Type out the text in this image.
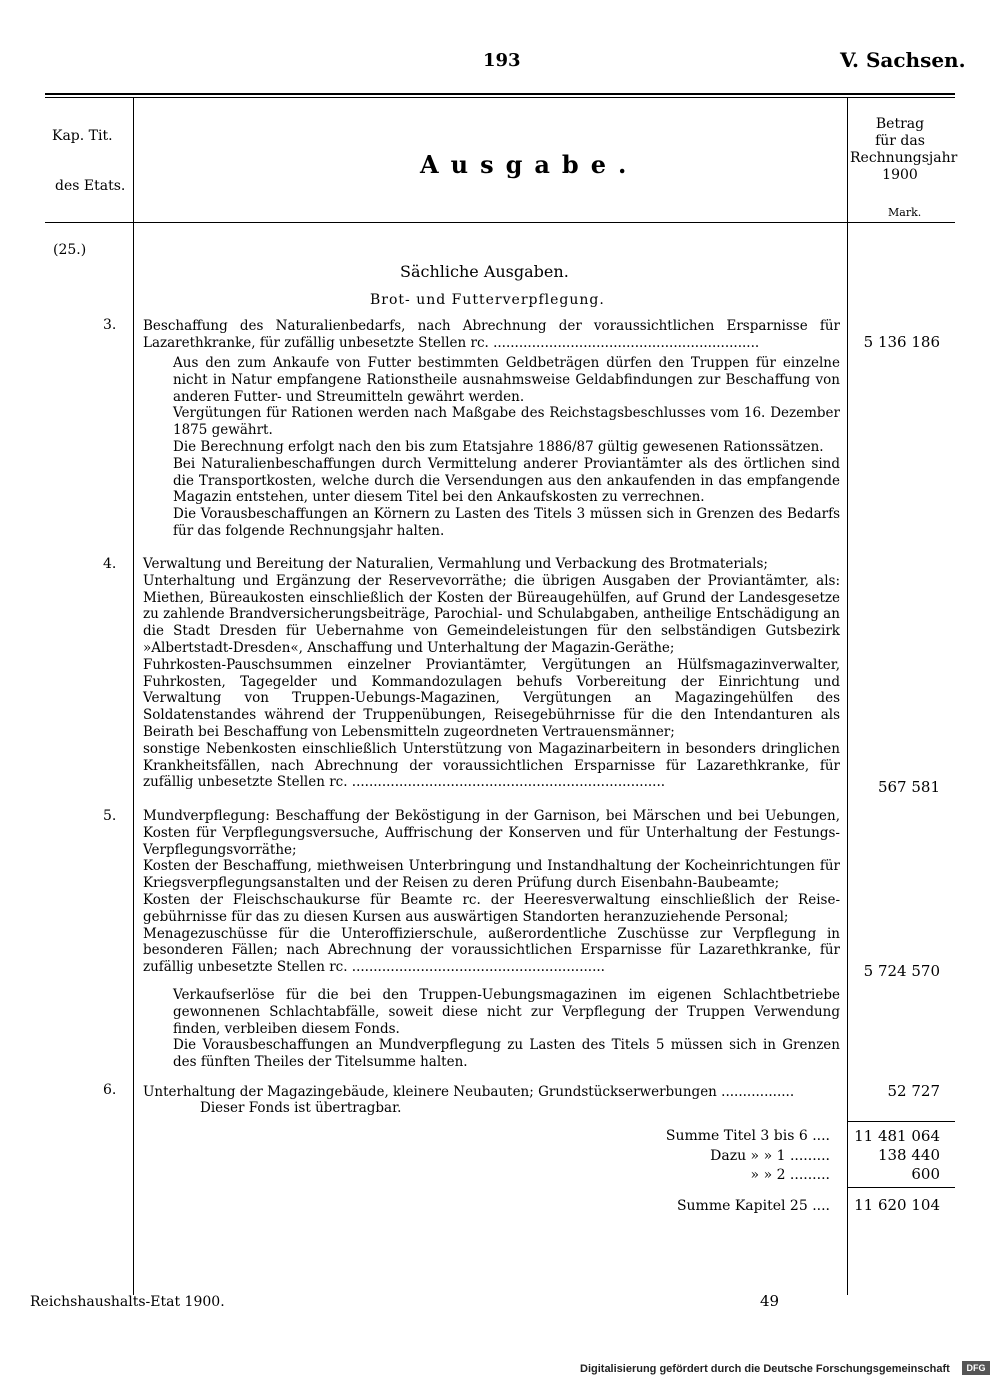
193	V. Sachsen.
Kap. Tit.
des Etats.
Ausgabe.
Betrag
für das
Rechnungsjahr
1900
Mark.
(25.)
Sächliche Ausgaben.
Brot- und Futterverpflegung.
3. Beschaffung des Naturalienbedarfs, nach Abrechnung der voraussichtlichen Ersparnisse für Lazarethkranke, für zufällig unbesetzte Stellen rc. ..............................................................	5 136 186
Aus den zum Ankaufe von Futter bestimmten Geldbeträgen dürfen den Truppen für einzelne nicht in Natur empfangene Rationstheile ausnahmsweise Geldabfindungen zur Beschaffung von anderen Futter- und Streumitteln gewährt werden.
Vergütungen für Rationen werden nach Maßgabe des Reichstagsbeschlusses vom 16. Dezember 1875 gewährt.
Die Berechnung erfolgt nach den bis zum Etatsjahre 1886/87 gültig gewesenen Rationssätzen.
Bei Naturalienbeschaffungen durch Vermittelung anderer Proviantämter als des örtlichen sind die Transportkosten, welche durch die Versendungen aus den ankaufenden in das empfangende Magazin entstehen, unter diesem Titel bei den Ankaufskosten zu verrechnen.
Die Vorausbeschaffungen an Körnern zu Lasten des Titels 3 müssen sich in Grenzen des Bedarfs für das folgende Rechnungsjahr halten.
4. Verwaltung und Bereitung der Naturalien, Vermahlung und Verbackung des Brotmaterials;
Unterhaltung und Ergänzung der Reservevorräthe; die übrigen Ausgaben der Proviantämter, als: Miethen, Büreaukosten einschließlich der Kosten der Büreaugehülfen, auf Grund der Landesgesetze zu zahlende Brandversicherungsbeiträge, Parochial- und Schulabgaben, antheilige Entschädigung an die Stadt Dresden für Uebernahme von Gemeindeleistungen für den selbständigen Gutsbezirk »Albertstadt-Dresden«, Anschaffung und Unterhaltung der Magazin-Geräthe;
Fuhrkosten-Pauschsummen einzelner Proviantämter, Vergütungen an Hülfsmagazinverwalter, Fuhrkosten, Tagegelder und Kommandozulagen behufs Vorbereitung der Einrichtung und Verwaltung von Truppen-Uebungs-Magazinen, Vergütungen an Magazingehülfen des Soldatenstandes während der Truppenübungen, Reisegebührnisse für die den Intendanturen als Beirath bei Beschaffung von Lebensmitteln zugeordneten Vertrauensmänner;
sonstige Nebenkosten einschließlich Unterstützung von Magazinarbeitern in besonders dringlichen Krankheitsfällen, nach Abrechnung der voraussichtlichen Ersparnisse für Lazarethkranke, für zufällig unbesetzte Stellen rc. .........................................................................	567 581
5. Mundverpflegung: Beschaffung der Beköstigung in der Garnison, bei Märschen und bei Uebungen, Kosten für Verpflegungsversuche, Auffrischung der Konserven und für Unterhaltung der Festungs-Verpflegungsvorräthe;
Kosten der Beschaffung, miethweisen Unterbringung und Instandhaltung der Kocheinrichtungen für Kriegsverpflegungsanstalten und der Reisen zu deren Prüfung durch Eisenbahn-Baubeamte;
Kosten der Fleischschaukurse für Beamte rc. der Heeresverwaltung einschließlich der Reisegebührnisse für das zu diesen Kursen aus auswärtigen Standorten heranzuziehende Personal;
Menagezuschüsse für die Unteroffizierschule, außerordentliche Zuschüsse zur Verpflegung in besonderen Fällen; nach Abrechnung der voraussichtlichen Ersparnisse für Lazarethkranke, für zufällig unbesetzte Stellen rc. ...........................................................	5 724 570
Verkaufserlöse für die bei den Truppen-Uebungsmagazinen im eigenen Schlachtbetriebe gewonnenen Schlachtabfälle, soweit diese nicht zur Verpflegung der Truppen Verwendung finden, verbleiben diesem Fonds.
Die Vorausbeschaffungen an Mundverpflegung zu Lasten des Titels 5 müssen sich in Grenzen des fünften Theiles der Titelsumme halten.
6. Unterhaltung der Magazingebäude, kleinere Neubauten; Grundstückserwerbungen .................	52 727
Dieser Fonds ist übertragbar.
Summe Titel 3 bis 6 ....	11 481 064
Dazu » » 1 .........	138 440
» » 2 .........	600
Summe Kapitel 25 ....	11 620 104
Reichshaushalts-Etat 1900.	49
Digitalisierung gefördert durch die Deutsche Forschungsgemeinschaft	DFG
